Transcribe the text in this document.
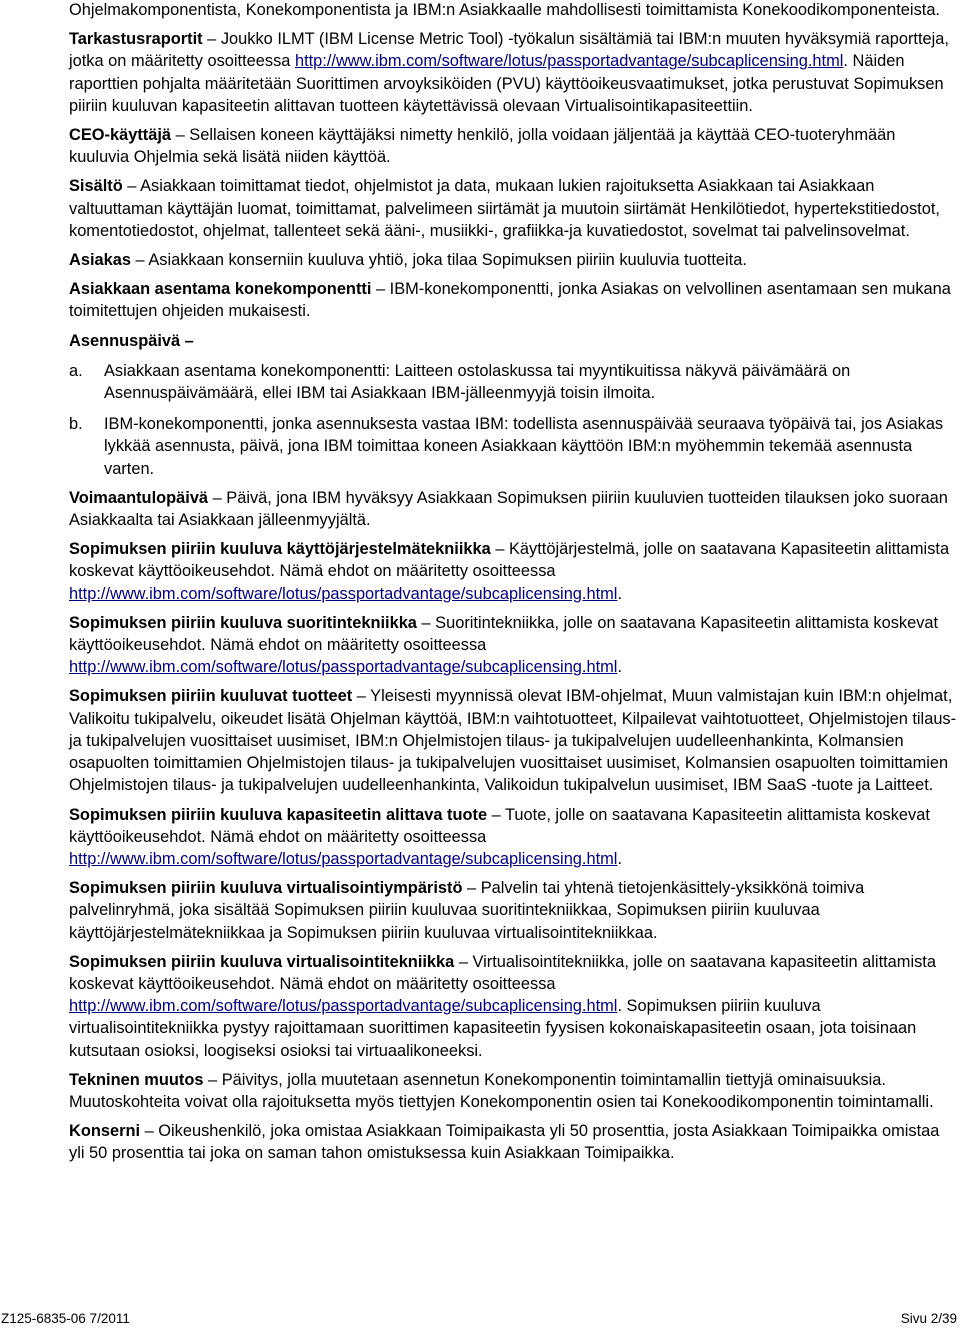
Ohjelmakomponentista, Konekomponentista ja IBM:n Asiakkaalle mahdollisesti toimittamista Konekoodikomponenteista.

Tarkastusraportit – Joukko ILMT (IBM License Metric Tool) -työkalun sisältämiä tai IBM:n muuten hyväksymiä raportteja, jotka on määritetty osoitteessa http://www.ibm.com/software/lotus/passportadvantage/subcaplicensing.html. Näiden raporttien pohjalta määritetään Suorittimen arvoyksiköiden (PVU) käyttöoikeusvaatimukset, jotka perustuvat Sopimuksen piiriin kuuluvan kapasiteetin alittavan tuotteen käytettävissä olevaan Virtualisointikapasiteettiin.

CEO-käyttäjä – Sellaisen koneen käyttäjäksi nimetty henkilö, jolla voidaan jäljentää ja käyttää CEO-tuoteryhmään kuuluvia Ohjelmia sekä lisätä niiden käyttöä.

Sisältö – Asiakkaan toimittamat tiedot, ohjelmistot ja data, mukaan lukien rajoituksetta Asiakkaan tai Asiakkaan valtuuttaman käyttäjän luomat, toimittamat, palvelimeen siirtämät ja muutoin siirtämät Henkilötiedot, hypertekstitiedostot, komentotiedostot, ohjelmat, tallenteet sekä ääni-, musiikki-, grafiikka-ja kuvatiedostot, sovelmat tai palvelinsovelmat.

Asiakas – Asiakkaan konserniin kuuluva yhtiö, joka tilaa Sopimuksen piiriin kuuluvia tuotteita.

Asiakkaan asentama konekomponentti – IBM-konekomponentti, jonka Asiakas on velvollinen asentamaan sen mukana toimitettujen ohjeiden mukaisesti.

Asennuspäivä –

a. Asiakkaan asentama konekomponentti: Laitteen ostolaskussa tai myyntikuitissa näkyvä päivämäärä on Asennuspäivämäärä, ellei IBM tai Asiakkaan IBM-jälleenmyyjä toisin ilmoita.
b. IBM-konekomponentti, jonka asennuksesta vastaa IBM: todellista asennuspäivää seuraava työpäivä tai, jos Asiakas lykkää asennusta, päivä, jona IBM toimittaa koneen Asiakkaan käyttöön IBM:n myöhemmin tekemää asennusta varten.

Voimaantulopäivä – Päivä, jona IBM hyväksyy Asiakkaan Sopimuksen piiriin kuuluvien tuotteiden tilauksen joko suoraan Asiakkaalta tai Asiakkaan jälleenmyyjältä.

Sopimuksen piiriin kuuluva käyttöjärjestelmätekniikka – Käyttöjärjestelmä, jolle on saatavana Kapasiteetin alittamista koskevat käyttöoikeusehdot. Nämä ehdot on määritetty osoitteessa http://www.ibm.com/software/lotus/passportadvantage/subcaplicensing.html.

Sopimuksen piiriin kuuluva suoritintekniikka – Suoritintekniikka, jolle on saatavana Kapasiteetin alittamista koskevat käyttöoikeusehdot. Nämä ehdot on määritetty osoitteessa http://www.ibm.com/software/lotus/passportadvantage/subcaplicensing.html.

Sopimuksen piiriin kuuluvat tuotteet – Yleisesti myynnissä olevat IBM-ohjelmat, Muun valmistajan kuin IBM:n ohjelmat, Valikoitu tukipalvelu, oikeudet lisätä Ohjelman käyttöä, IBM:n vaihtotuotteet, Kilpailevat vaihtotuotteet, Ohjelmistojen tilaus- ja tukipalvelujen vuosittaiset uusimiset, IBM:n Ohjelmistojen tilaus- ja tukipalvelujen uudelleenhankinta, Kolmansien osapuolten toimittamien Ohjelmistojen tilaus- ja tukipalvelujen vuosittaiset uusimiset, Kolmansien osapuolten toimittamien Ohjelmistojen tilaus- ja tukipalvelujen uudelleenhankinta, Valikoidun tukipalvelun uusimiset, IBM SaaS -tuote ja Laitteet.

Sopimuksen piiriin kuuluva kapasiteetin alittava tuote – Tuote, jolle on saatavana Kapasiteetin alittamista koskevat käyttöoikeusehdot. Nämä ehdot on määritetty osoitteessa http://www.ibm.com/software/lotus/passportadvantage/subcaplicensing.html.

Sopimuksen piiriin kuuluva virtualisointiympäristö – Palvelin tai yhtenä tietojenkäsittely-yksikkönä toimiva palvelinryhmä, joka sisältää Sopimuksen piiriin kuuluvaa suoritintekniikkaa, Sopimuksen piiriin kuuluvaa käyttöjärjestelmätekniikkaa ja Sopimuksen piiriin kuuluvaa virtualisointitekniikkaa.

Sopimuksen piiriin kuuluva virtualisointitekniikka – Virtualisointitekniikka, jolle on saatavana kapasiteetin alittamista koskevat käyttöoikeusehdot. Nämä ehdot on määritetty osoitteessa http://www.ibm.com/software/lotus/passportadvantage/subcaplicensing.html. Sopimuksen piiriin kuuluva virtualisointitekniikka pystyy rajoittamaan suorittimen kapasiteetin fyysisen kokonaiskapasiteetin osaan, jota toisinaan kutsutaan osioksi, loogiseksi osioksi tai virtuaalikoneeksi.

Tekninen muutos – Päivitys, jolla muutetaan asennetun Konekomponentin toimintamallin tiettyjä ominaisuuksia. Muutoskohteita voivat olla rajoituksetta myös tiettyjen Konekomponentin osien tai Konekoodikomponentin toimintamalli.

Konserni – Oikeushenkilö, joka omistaa Asiakkaan Toimipaikasta yli 50 prosenttia, josta Asiakkaan Toimipaikka omistaa yli 50 prosenttia tai joka on saman tahon omistuksessa kuin Asiakkaan Toimipaikka.

Z125-6835-06 7/2011	Sivu 2/39
